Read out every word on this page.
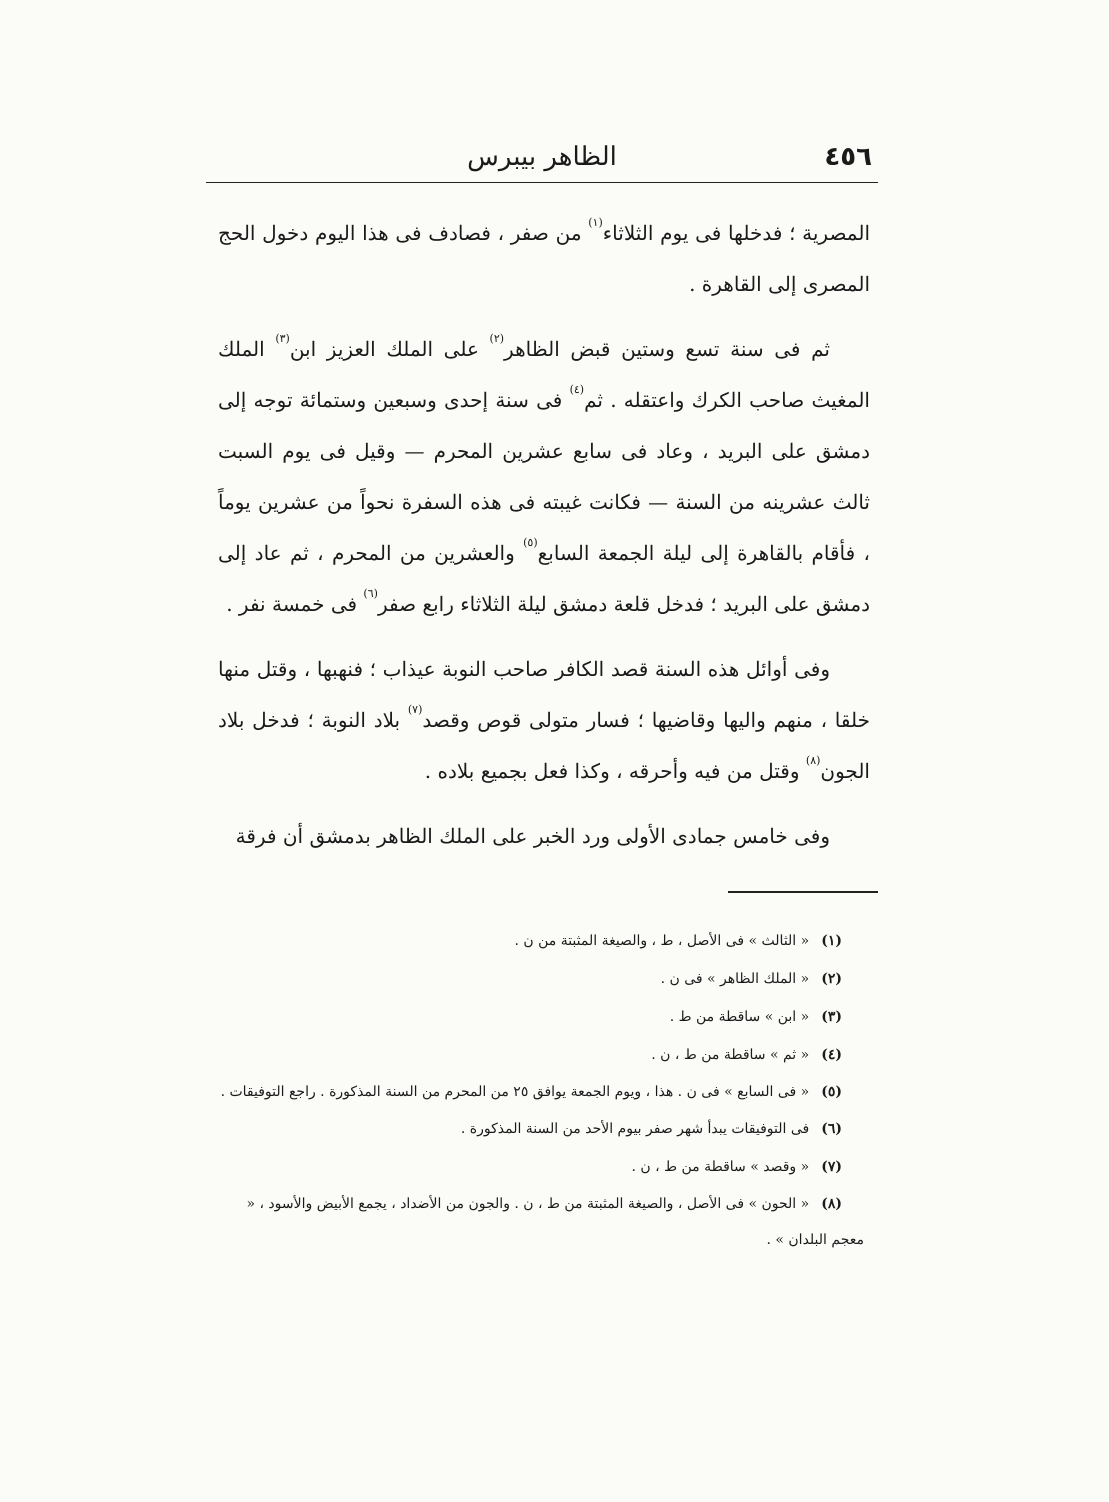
٤٥٦
الظاهر بيبرس

المصرية ؛ فدخلها فى يوم الثلاثاء$^{(١)}$ من صفر ، فصادف فى هذا اليوم دخول الحج المصرى إلى القاهرة .

ثم فى سنة تسع وستين قبض الظاهر$^{(٢)}$ على الملك العزيز ابن$^{(٣)}$ الملك المغيث صاحب الكرك واعتقله . ثم$^{(٤)}$ فى سنة إحدى وسبعين وستمائة توجه إلى دمشق على البريد ، وعاد فى سابع عشرين المحرم — وقيل فى يوم السبت ثالث عشرينه من السنة — فكانت غيبته فى هذه السفرة نحواً من عشرين يوماً ، فأقام بالقاهرة إلى ليلة الجمعة السابع$^{(٥)}$ والعشرين من المحرم ، ثم عاد إلى دمشق على البريد ؛ فدخل قلعة دمشق ليلة الثلاثاء رابع صفر$^{(٦)}$ فى خمسة نفر .

وفى أوائل هذه السنة قصد الكافر صاحب النوبة عيذاب ؛ فنهبها ، وقتل منها خلقا ، منهم واليها وقاضيها ؛ فسار متولى قوص وقصد$^{(٧)}$ بلاد النوبة ؛ فدخل بلاد الجون$^{(٨)}$ وقتل من فيه وأحرقه ، وكذا فعل بجميع بلاده .

وفى خامس جمادى الأولى ورد الخبر على الملك الظاهر بدمشق أن فرقة

(١)« الثالث » فى الأصل ، ط ، والصيغة المثبتة من ن .

(٢)« الملك الظاهر » فى ن .

(٣)« ابن » ساقطة من ط .

(٤)« ثم » ساقطة من ط ، ن .

(٥)« فى السابع » فى ن . هذا ، ويوم الجمعة يوافق ٢٥ من المحرم من السنة المذكورة . راجع التوفيقات .

(٦)فى التوفيقات يبدأ شهر صفر بيوم الأحد من السنة المذكورة .

(٧)« وقصد » ساقطة من ط ، ن .

(٨)« الحون » فى الأصل ، والصيغة المثبتة من ط ، ن . والجون من الأضداد ، يجمع الأبيض والأسود ، « معجم البلدان » .
